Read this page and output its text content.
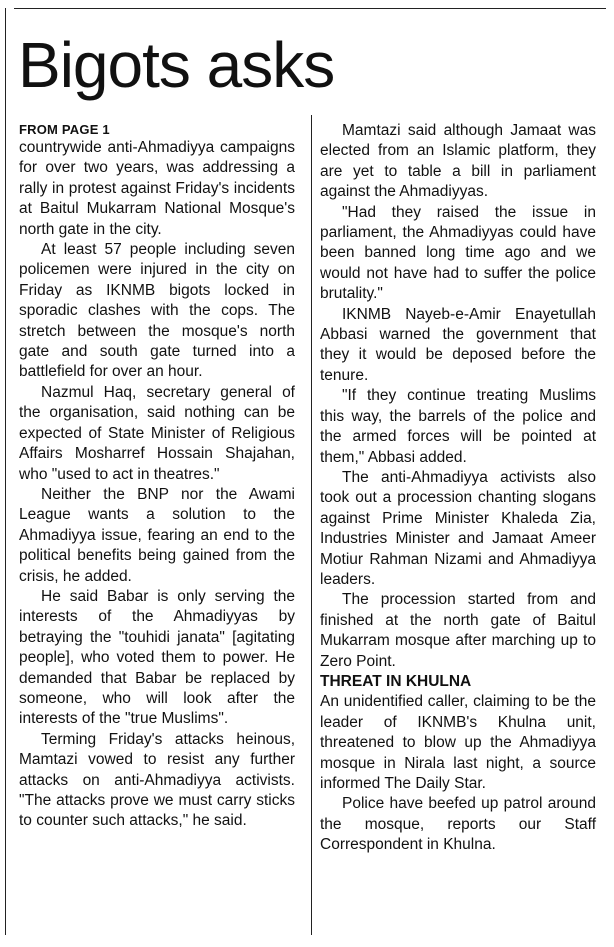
Bigots asks
FROM PAGE 1

countrywide anti-Ahmadiyya campaigns for over two years, was addressing a rally in protest against Friday's incidents at Baitul Mukarram National Mosque's north gate in the city.

At least 57 people including seven policemen were injured in the city on Friday as IKNMB bigots locked in sporadic clashes with the cops. The stretch between the mosque's north gate and south gate turned into a battlefield for over an hour.

Nazmul Haq, secretary general of the organisation, said nothing can be expected of State Minister of Religious Affairs Mosharref Hossain Shajahan, who "used to act in theatres."

Neither the BNP nor the Awami League wants a solution to the Ahmadiyya issue, fearing an end to the political benefits being gained from the crisis, he added.

He said Babar is only serving the interests of the Ahmadiyyas by betraying the "touhidi janata" [agitating people], who voted them to power. He demanded that Babar be replaced by someone, who will look after the interests of the "true Muslims".

Terming Friday's attacks heinous, Mamtazi vowed to resist any further attacks on anti-Ahmadiyya activists. "The attacks prove we must carry sticks to counter such attacks," he said.

Mamtazi said although Jamaat was elected from an Islamic platform, they are yet to table a bill in parliament against the Ahmadiyyas.

"Had they raised the issue in parliament, the Ahmadiyyas could have been banned long time ago and we would not have had to suffer the police brutality."

IKNMB Nayeb-e-Amir Enayetullah Abbasi warned the government that they it would be deposed before the tenure.

"If they continue treating Muslims this way, the barrels of the police and the armed forces will be pointed at them," Abbasi added.

The anti-Ahmadiyya activists also took out a procession chanting slogans against Prime Minister Khaleda Zia, Industries Minister and Jamaat Ameer Motiur Rahman Nizami and Ahmadiyya leaders.

The procession started from and finished at the north gate of Baitul Mukarram mosque after marching up to Zero Point.

THREAT IN KHULNA

An unidentified caller, claiming to be the leader of IKNMB's Khulna unit, threatened to blow up the Ahmadiyya mosque in Nirala last night, a source informed The Daily Star.

Police have beefed up patrol around the mosque, reports our Staff Correspondent in Khulna.
